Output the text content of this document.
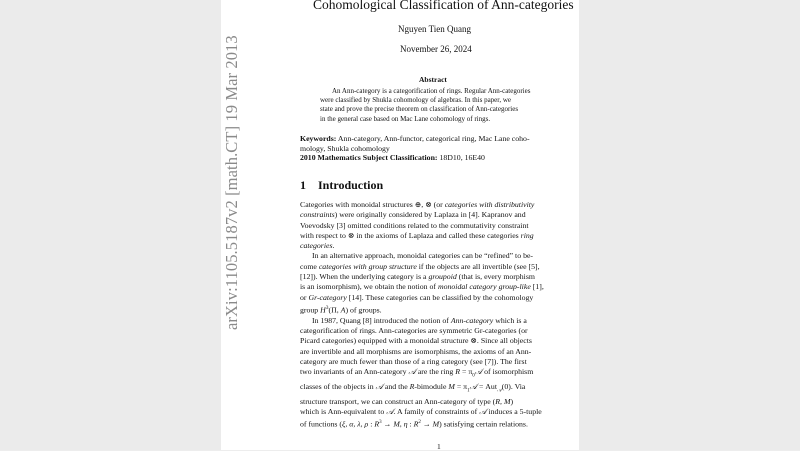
arXiv:1105.5187v2 [math.CT] 19 Mar 2013
Cohomological Classification of Ann-categories
Nguyen Tien Quang
November 26, 2024
Abstract
An Ann-category is a categorification of rings. Regular Ann-categories
were classified by Shukla cohomology of algebras. In this paper, we
state and prove the precise theorem on classification of Ann-categories
in the general case based on Mac Lane cohomology of rings.
Keywords: Ann-category, Ann-functor, categorical ring, Mac Lane coho-
mology, Shukla cohomology
2010 Mathematics Subject Classification: 18D10, 16E40
1 Introduction
Categories with monoidal structures ⊕, ⊗ (or categories with distributivity
constraints) were originally considered by Laplaza in [4]. Kapranov and
Voevodsky [3] omitted conditions related to the commutativity constraint
with respect to ⊗ in the axioms of Laplaza and called these categories ring
categories.
In an alternative approach, monoidal categories can be “refined” to be-
come categories with group structure if the objects are all invertible (see [5],
[12]). When the underlying category is a groupoid (that is, every morphism
is an isomorphism), we obtain the notion of monoidal category group-like [1],
or Gr-category [14]. These categories can be classified by the cohomology
group $H^3(\Pi$, A) of groups.
In 1987, Quang [8] introduced the notion of Ann-category which is a
categorification of rings. Ann-categories are symmetric Gr-categories (or
Picard categories) equipped with a monoidal structure ⊗. Since all objects
are invertible and all morphisms are isomorphisms, the axioms of an Ann-
category are much fewer than those of a ring category (see [7]). The first
two invariants of an Ann-category 𝒜 are the ring $R = \pi_0𝒜$ of isomorphism
classes of the objects in 𝒜 and the R-bimodule $M = \pi_1𝒜 = Aut_𝒜(0)$. Via
structure transport, we can construct an Ann-category of type (R, M)
which is Ann-equivalent to 𝒜. A family of constraints of 𝒜 induces a 5-tuple
of functions (ξ, α, λ, ρ : $R^3 \to M$, η : $R^2 \to M$) satisfying certain relations.
1
